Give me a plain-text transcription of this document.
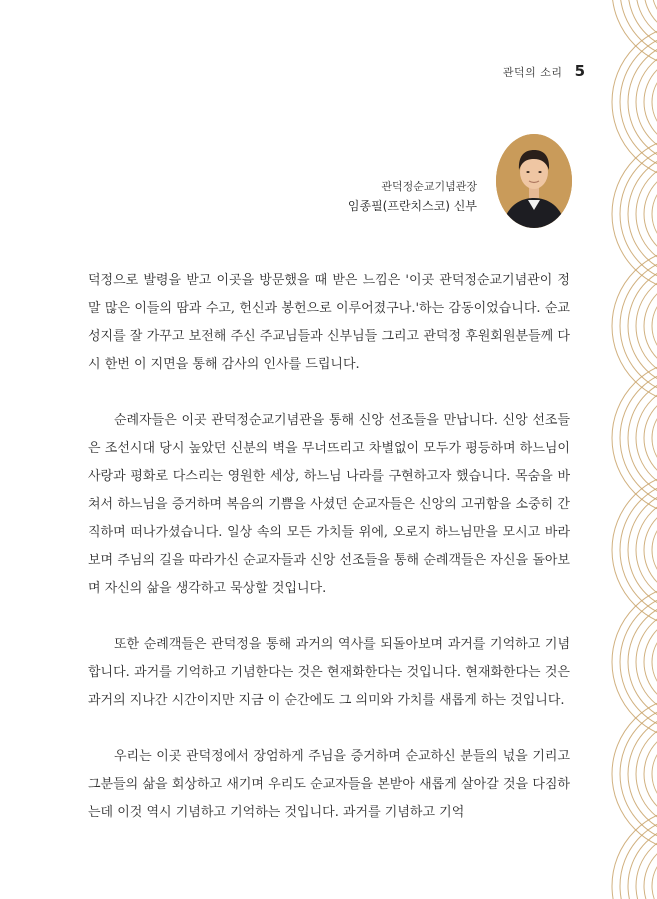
관덕의 소리 5
관덕정순교기념관장
임종필(프란치스코) 신부

덕정으로 발령을 받고 이곳을 방문했을 때 받은 느낌은 '이곳 관덕정순교기념관이 정말 많은 이들의 땀과 수고, 헌신과 봉헌으로 이루어졌구나.'하는 감동이었습니다. 순교 성지를 잘 가꾸고 보전해 주신 주교님들과 신부님들 그리고 관덕정 후원회원분들께 다시 한번 이 지면을 통해 감사의 인사를 드립니다.

순례자들은 이곳 관덕정순교기념관을 통해 신앙 선조들을 만납니다. 신앙 선조들은 조선시대 당시 높았던 신분의 벽을 무너뜨리고 차별없이 모두가 평등하며 하느님이 사랑과 평화로 다스리는 영원한 세상, 하느님 나라를 구현하고자 했습니다. 목숨을 바쳐서 하느님을 증거하며 복음의 기쁨을 사셨던 순교자들은 신앙의 고귀함을 소중히 간직하며 떠나가셨습니다. 일상 속의 모든 가치들 위에, 오로지 하느님만을 모시고 바라보며 주님의 길을 따라가신 순교자들과 신앙 선조들을 통해 순례객들은 자신을 돌아보며 자신의 삶을 생각하고 묵상할 것입니다.

또한 순례객들은 관덕정을 통해 과거의 역사를 되돌아보며 과거를 기억하고 기념합니다. 과거를 기억하고 기념한다는 것은 현재화한다는 것입니다. 현재화한다는 것은 과거의 지나간 시간이지만 지금 이 순간에도 그 의미와 가치를 새롭게 하는 것입니다.

우리는 이곳 관덕정에서 장엄하게 주님을 증거하며 순교하신 분들의 넋을 기리고 그분들의 삶을 회상하고 새기며 우리도 순교자들을 본받아 새롭게 살아갈 것을 다짐하는데 이것 역시 기념하고 기억하는 것입니다. 과거를 기념하고 기억
